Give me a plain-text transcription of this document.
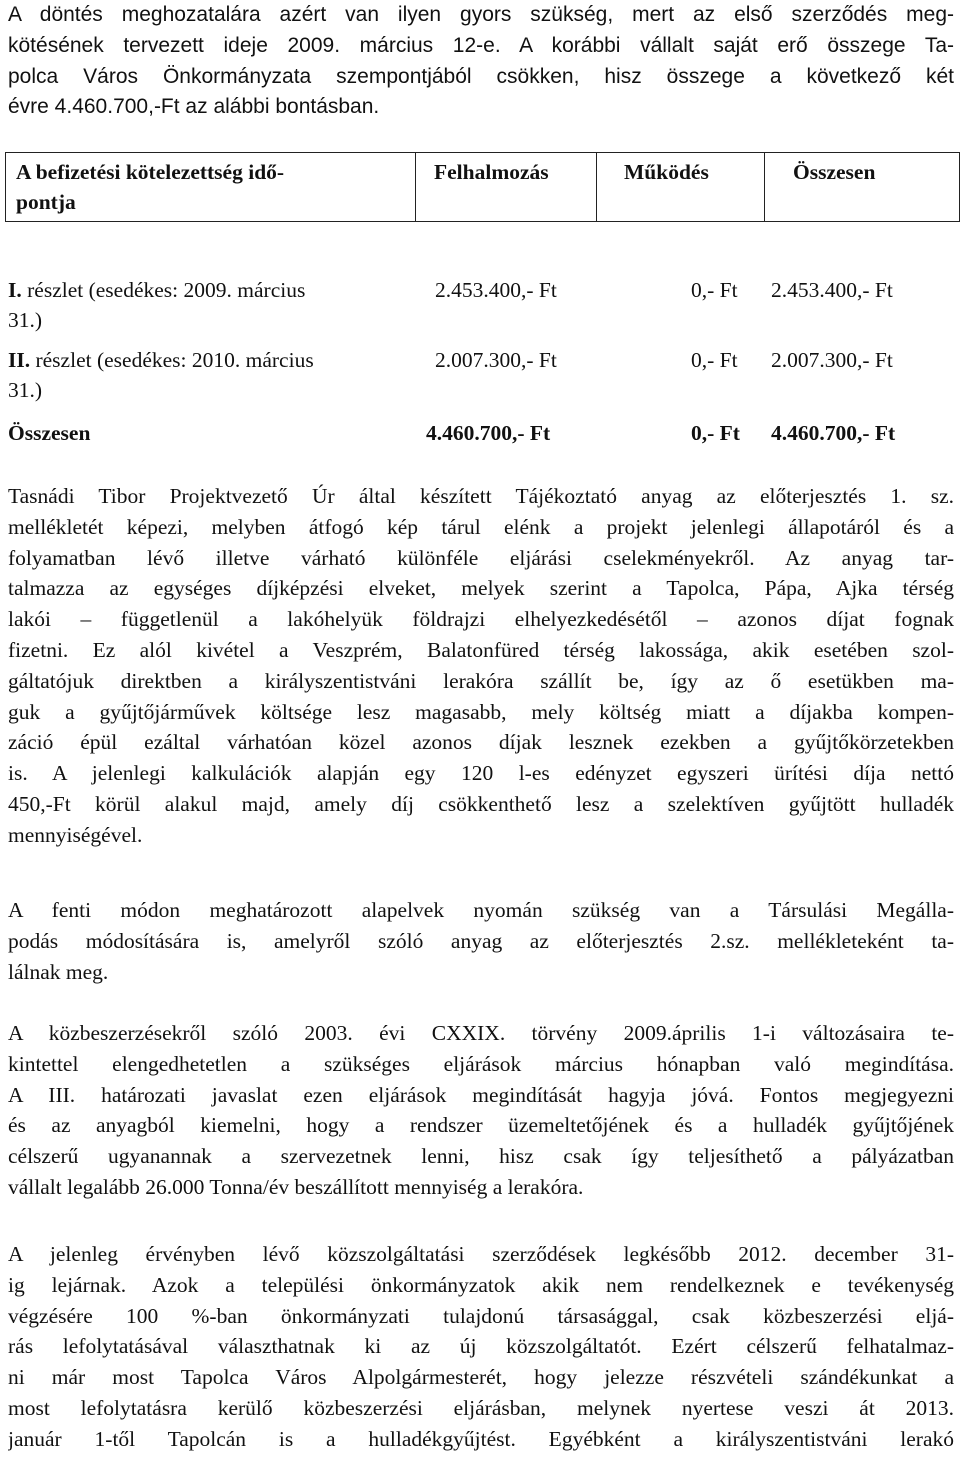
A döntés meghozatalára azért van ilyen gyors szükség, mert az első szerződés meg-
kötésének tervezett ideje 2009. március 12-e. A korábbi vállalt saját erő összege Ta-
polca Város Önkormányzata szempontjából csökken, hisz összege a következő két
évre 4.460.700,-Ft az alábbi bontásban.
A befizetési kötelezettség idő-
pontja
Felhalmozás	Működés	Összesen
I. részlet (esedékes: 2009. március
31.)
2.453.400,- Ft	0,- Ft 2.453.400,- Ft
II. részlet (esedékes: 2010. március
31.)
2.007.300,- Ft	0,- Ft 2.007.300,- Ft
Összesen	4.460.700,- Ft	0,- Ft 4.460.700,- Ft
Tasnádi Tibor Projektvezető Úr által készített Tájékoztató anyag az előterjesztés 1. sz.
mellékletét képezi, melyben átfogó kép tárul elénk a projekt jelenlegi állapotáról és a
folyamatban lévő illetve várható különféle eljárási cselekményekről. Az anyag tar-
talmazza az egységes díjképzési elveket, melyek szerint a Tapolca, Pápa, Ajka térség
lakói – függetlenül a lakóhelyük földrajzi elhelyezkedésétől – azonos díjat fognak
fizetni. Ez alól kivétel a Veszprém, Balatonfüred térség lakossága, akik esetében szol-
gáltatójuk direktben a királyszentistváni lerakóra szállít be, így az ő esetükben ma-
guk a gyűjtőjárművek költsége lesz magasabb, mely költség miatt a díjakba kompen-
záció épül ezáltal várhatóan közel azonos díjak lesznek ezekben a gyűjtőkörzetekben
is. A jelenlegi kalkulációk alapján egy 120 l-es edényzet egyszeri ürítési díja nettó
450,-Ft körül alakul majd, amely díj csökkenthető lesz a szelektíven gyűjtött hulladék
mennyiségével.
A fenti módon meghatározott alapelvek nyomán szükség van a Társulási Megálla-
podás módosítására is, amelyről szóló anyag az előterjesztés 2.sz. mellékleteként ta-
lálnak meg.
A közbeszerzésekről szóló 2003. évi CXXIX. törvény 2009.április 1-i változásaira te-
kintettel elengedhetetlen a szükséges eljárások március hónapban való megindítása.
A III. határozati javaslat ezen eljárások megindítását hagyja jóvá. Fontos megjegyezni
és az anyagból kiemelni, hogy a rendszer üzemeltetőjének és a hulladék gyűjtőjének
célszerű ugyanannak a szervezetnek lenni, hisz csak így teljesíthető a pályázatban
vállalt legalább 26.000 Tonna/év beszállított mennyiség a lerakóra.
A jelenleg érvényben lévő közszolgáltatási szerződések legkésőbb 2012. december 31-
ig lejárnak. Azok a települési önkormányzatok akik nem rendelkeznek e tevékenység
végzésére 100 %-ban önkormányzati tulajdonú társasággal, csak közbeszerzési eljá-
rás lefolytatásával választhatnak ki az új közszolgáltatót. Ezért célszerű felhatalmaz-
ni már most Tapolca Város Alpolgármesterét, hogy jelezze részvételi szándékunkat a
most lefolytatásra kerülő közbeszerzési eljárásban, melynek nyertese veszi át 2013.
január 1-től Tapolcán is a hulladékgyűjtést. Egyébként a királyszentistváni lerakó
